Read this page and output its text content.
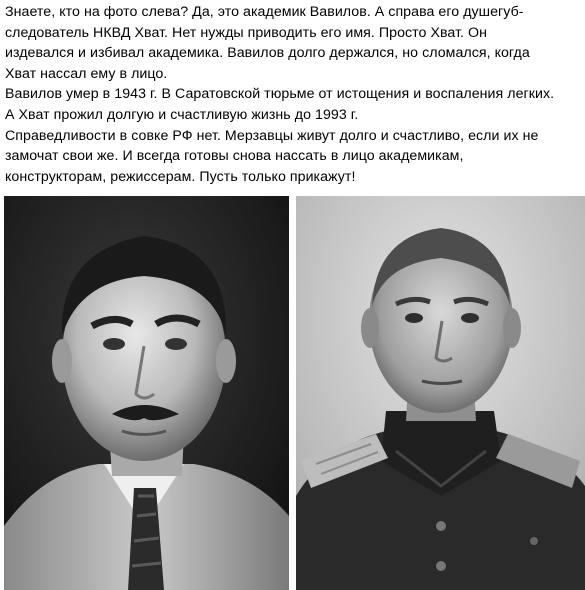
Знаете, кто на фото слева? Да, это академик Вавилов. А справа его душегуб-
следователь НКВД Хват. Нет нужды приводить его имя. Просто Хват. Он
издевался и избивал академика. Вавилов долго держался, но сломался, когда
Хват нассал ему в лицо.
Вавилов умер в 1943 г. В Саратовской тюрьме от истощения и воспаления легких.
А Хват прожил долгую и счастливую жизнь до 1993 г.
Справедливости в совке РФ нет. Мерзавцы живут долго и счастливо, если их не
замочат свои же. И всегда готовы снова нассать в лицо академикам,
конструкторам, режиссерам. Пусть только прикажут!
